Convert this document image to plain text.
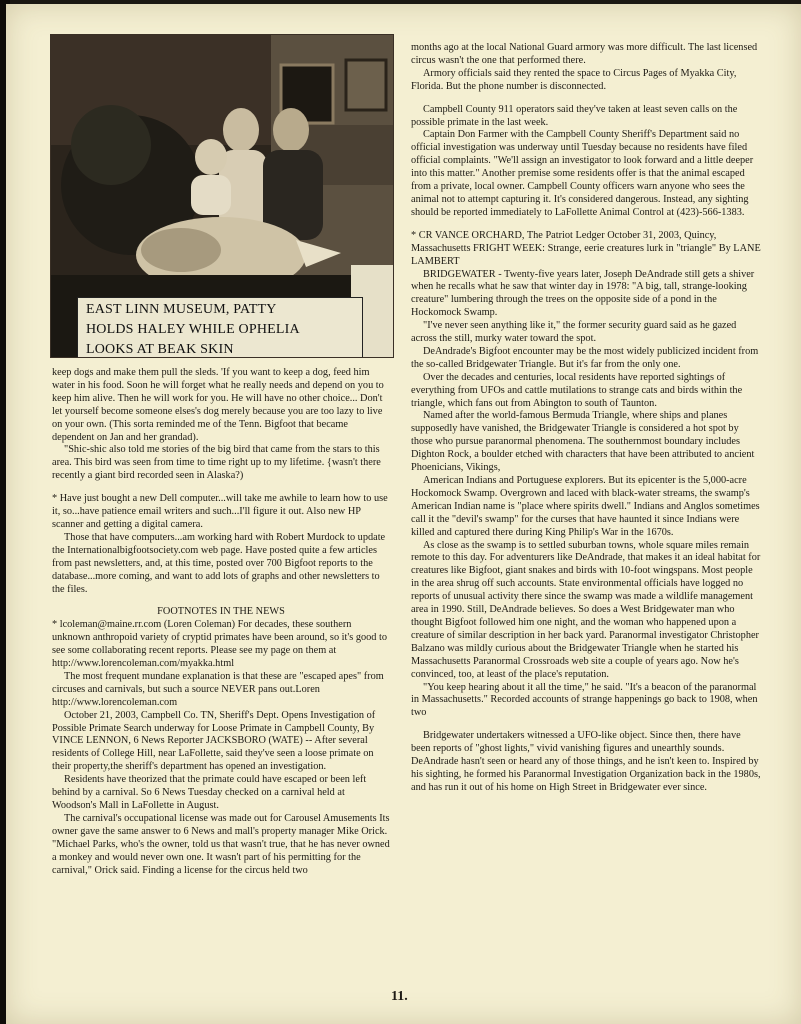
EAST LINN MUSEUM, PATTY
HOLDS HALEY WHILE OPHELIA
LOOKS AT BEAK SKIN

keep dogs and make them pull the sleds. 'If you want to keep a dog, feed him water in his food. Soon he will forget what he really needs and depend on you to keep him alive. Then he will work for you. He will have no other choice... Don't let yourself become someone elses's dog merely because you are too lazy to live on your own. (This sorta reminded me of the Tenn. Bigfoot that became dependent on Jan and her grandad).

"Shic-shic also told me stories of the big bird that came from the stars to this area. This bird was seen from time to time right up to my lifetime. {wasn't there recently a giant bird recorded seen in Alaska?)

* Have just bought a new Dell computer...will take me awhile to learn how to use it, so...have patience email writers and such...I'll figure it out. Also new HP scanner and getting a digital camera.

Those that have computers...am working hard with Robert Murdock to update the Internationalbigfootsociety.com web page. Have posted quite a few articles from past newsletters, and, at this time, posted over 700 Bigfoot reports to the database...more coming, and want to add lots of graphs and other newsletters to the files.

FOOTNOTES IN THE NEWS

* lcoleman@maine.rr.com (Loren Coleman) For decades, these southern unknown anthropoid variety of cryptid primates have been around, so it's good to see some collaborating recent reports. Please see my page on them at http://www.lorencoleman.com/myakka.html

The most frequent mundane explanation is that these are "escaped apes" from circuses and carnivals, but such a source NEVER pans out.Loren http://www.lorencoleman.com

October 21, 2003, Campbell Co. TN, Sheriff's Dept. Opens Investigation of Possible Primate Search underway for Loose Primate in Campbell County, By VINCE LENNON, 6 News Reporter JACKSBORO (WATE) -- After several residents of College Hill, near LaFollette, said they've seen a loose primate on their property,the sheriff's department has opened an investigation.

Residents have theorized that the primate could have escaped or been left behind by a carnival. So 6 News Tuesday checked on a carnival held at Woodson's Mall in LaFollette in August.

The carnival's occupational license was made out for Carousel Amusements Its owner gave the same answer to 6 News and mall's property manager Mike Orick. "Michael Parks, who's the owner, told us that wasn't true, that he has never owned a monkey and would never own one. It wasn't part of his permitting for the carnival," Orick said. Finding a license for the circus held two

months ago at the local National Guard armory was more difficult. The last licensed circus wasn't the one that performed there.

Armory officials said they rented the space to Circus Pages of Myakka City, Florida. But the phone number is disconnected.

Campbell County 911 operators said they've taken at least seven calls on the possible primate in the last week.

Captain Don Farmer with the Campbell County Sheriff's Department said no official investigation was underway until Tuesday because no residents have filed official complaints. "We'll assign an investigator to look forward and a little deeper into this matter." Another premise some residents offer is that the animal escaped from a private, local owner. Campbell County officers warn anyone who sees the animal not to attempt capturing it. It's considered dangerous. Instead, any sighting should be reported immediately to LaFollette Animal Control at (423)-566-1383.

* CR VANCE ORCHARD, The Patriot Ledger October 31, 2003, Quincy, Massachusetts FRIGHT WEEK: Strange, eerie creatures lurk in "triangle" By LANE LAMBERT

BRIDGEWATER - Twenty-five years later, Joseph DeAndrade still gets a shiver when he recalls what he saw that winter day in 1978: "A big, tall, strange-looking creature" lumbering through the trees on the opposite side of a pond in the Hockomock Swamp.

"I've never seen anything like it," the former security guard said as he gazed across the still, murky water toward the spot.

DeAndrade's Bigfoot encounter may be the most widely publicized incident from the so-called Bridgewater Triangle. But it's far from the only one.

Over the decades and centuries, local residents have reported sightings of everything from UFOs and cattle mutilations to strange cats and birds within the triangle, which fans out from Abington to south of Taunton.

Named after the world-famous Bermuda Triangle, where ships and planes supposedly have vanished, the Bridgewater Triangle is considered a hot spot by those who pursue paranormal phenomena. The southernmost boundary includes Dighton Rock, a boulder etched with characters that have been attributed to ancient Phoenicians, Vikings,

American Indians and Portuguese explorers. But its epicenter is the 5,000-acre Hockomock Swamp. Overgrown and laced with black-water streams, the swamp's American Indian name is "place where spirits dwell." Indians and Anglos sometimes call it the "devil's swamp" for the curses that have haunted it since Indians were killed and captured there during King Philip's War in the 1670s.

As close as the swamp is to settled suburban towns, whole square miles remain remote to this day. For adventurers like DeAndrade, that makes it an ideal habitat for creatures like Bigfoot, giant snakes and birds with 10-foot wingspans. Most people in the area shrug off such accounts. State environmental officials have logged no reports of unusual activity there since the swamp was made a wildlife management area in 1990. Still, DeAndrade believes. So does a West Bridgewater man who thought Bigfoot followed him one night, and the woman who happened upon a creature of similar description in her back yard. Paranormal investigator Christopher Balzano was mildly curious about the Bridgewater Triangle when he started his Massachusetts Paranormal Crossroads web site a couple of years ago. Now he's convinced, too, at least of the place's reputation.

"You keep hearing about it all the time," he said. "It's a beacon of the paranormal in Massachusetts." Recorded accounts of strange happenings go back to 1908, when two

Bridgewater undertakers witnessed a UFO-like object. Since then, there have been reports of "ghost lights," vivid vanishing figures and unearthly sounds. DeAndrade hasn't seen or heard any of those things, and he isn't keen to. Inspired by his sighting, he formed his Paranormal Investigation Organization back in the 1980s, and has run it out of his home on High Street in Bridgewater ever since.

11.
